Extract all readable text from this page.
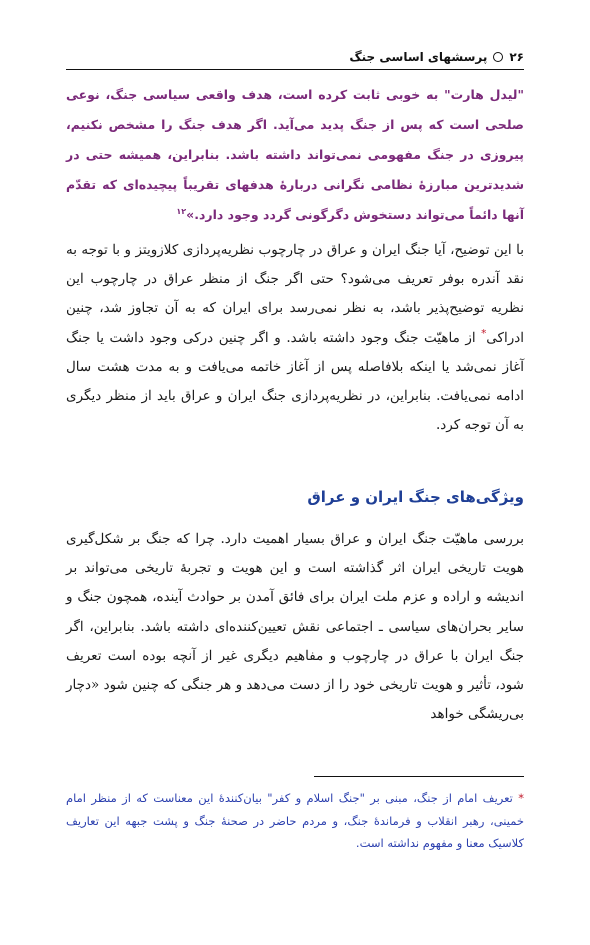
۲۶
پرسشهای اساسی جنگ
"لیدل هارت" به خوبی ثابت کرده است، هدف واقعی سیاسی جنگ، نوعی صلحی است که پس از جنگ پدید می‌آید. اگر هدف جنگ را مشخص نکنیم، پیروزی در جنگ مفهومی نمی‌تواند داشته باشد. بنابراین، همیشه حتی در شدیدترین مبارزهٔ نظامی نگرانی دربارهٔ هدفهای تقریباً پیچیده‌ای که تقدّم آنها دائماً می‌تواند دستخوش دگرگونی گردد وجود دارد.»$^{۱۲}$
با این توضیح، آیا جنگ ایران و عراق در چارچوب نظریه‌پردازی کلازویتز و با توجه به نقد آندره بوفر تعریف می‌شود؟ حتی اگر جنگ از منظر عراق در چارچوب این نظریه توضیح‌پذیر باشد، به نظر نمی‌رسد برای ایران که به آن تجاوز شد، چنین ادراکی* از ماهیّت جنگ وجود داشته باشد. و اگر چنین درکی وجود داشت یا جنگ آغاز نمی‌شد یا اینکه بلافاصله پس از آغاز خاتمه می‌یافت و به مدت هشت سال ادامه نمی‌یافت. بنابراین، در نظریه‌پردازی جنگ ایران و عراق باید از منظر دیگری به آن توجه کرد.
ویژگی‌های جنگ ایران و عراق
بررسی ماهیّت جنگ ایران و عراق بسیار اهمیت دارد. چرا که جنگ بر شکل‌گیری هویت تاریخی ایران اثر گذاشته است و این هویت و تجربهٔ تاریخی می‌تواند بر اندیشه و اراده و عزم ملت ایران برای فائق آمدن بر حوادث آینده، همچون جنگ و سایر بحران‌های سیاسی ـ اجتماعی نقش تعیین‌کننده‌ای داشته باشد. بنابراین، اگر جنگ ایران با عراق در چارچوب و مفاهیم دیگری غیر از آنچه بوده است تعریف شود، تأثیر و هویت تاریخی خود را از دست می‌دهد و هر جنگی که چنین شود «دچار بی‌ریشگی خواهد
* تعریف امام از جنگ، مبنی بر "جنگ اسلام و کفر" بیان‌کنندهٔ این معناست که از منظر امام خمینی، رهبر انقلاب و فرماندهٔ جنگ، و مردم حاضر در صحنهٔ جنگ و پشت جبهه این تعاریف کلاسیک معنا و مفهوم نداشته است.
